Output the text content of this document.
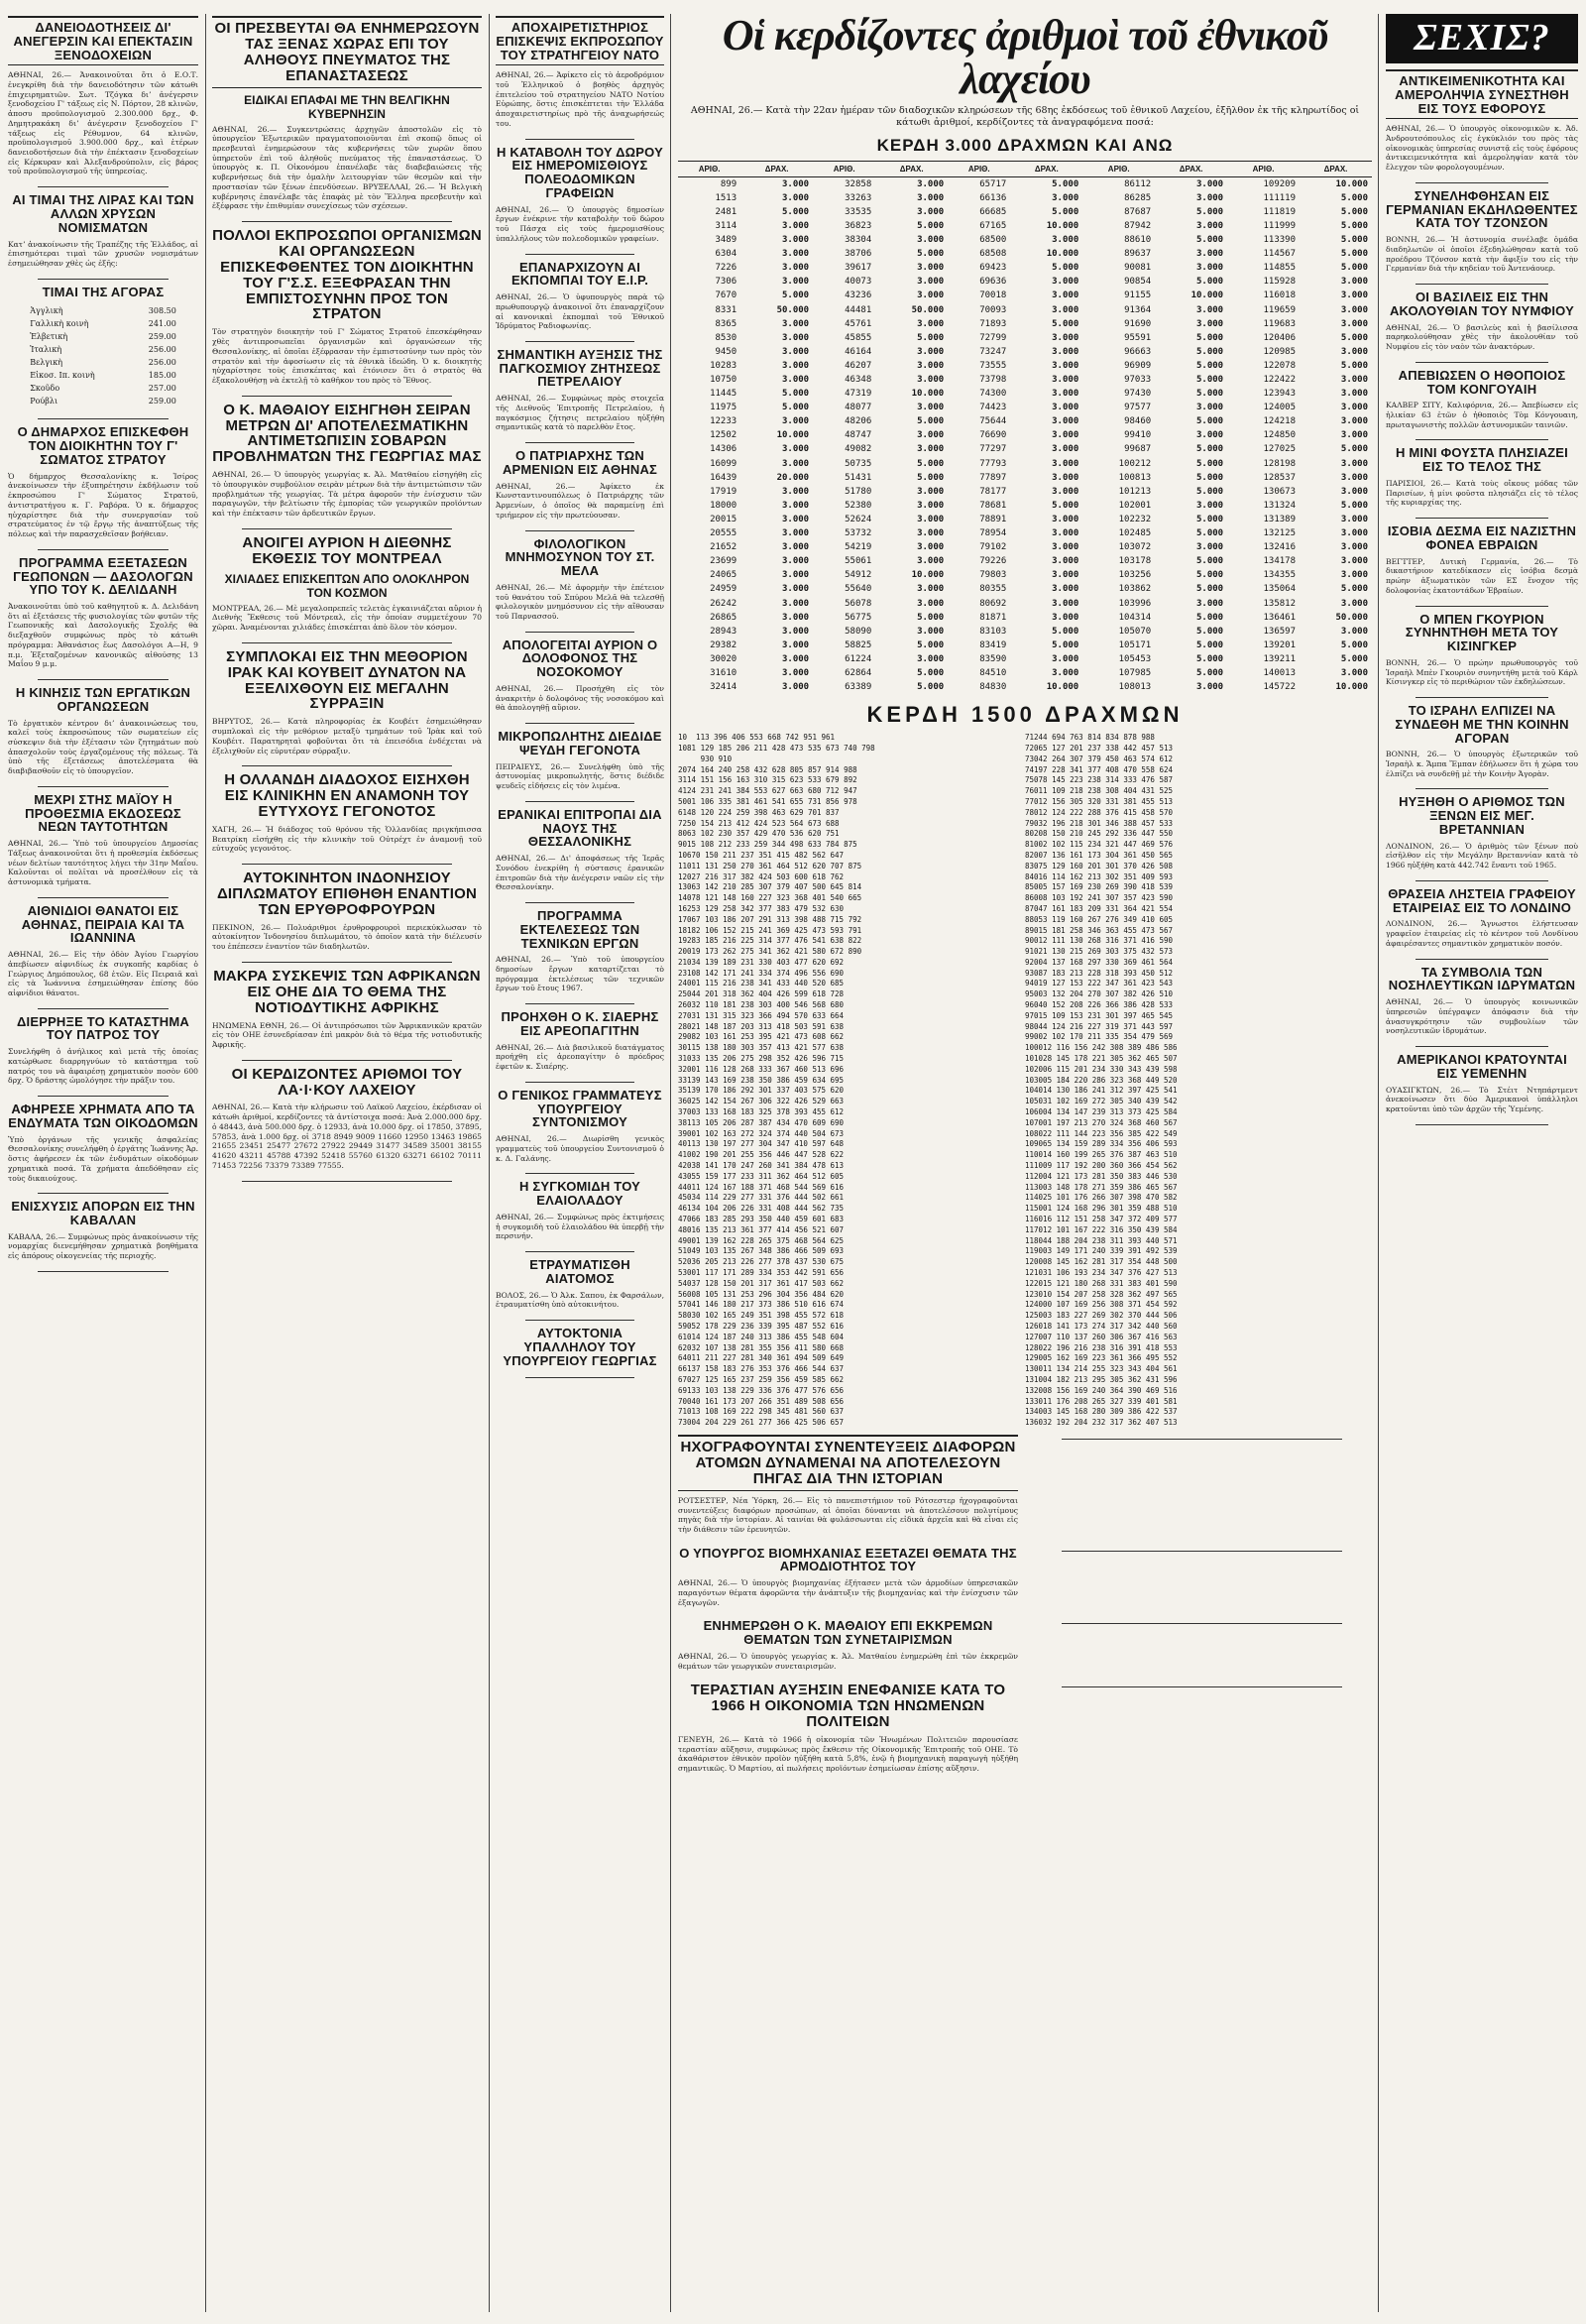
ΔΑΝΕΙΟΔΟΤΗΣΕΙΣ ΔΙ' ΑΝΕΓΕΡΣΙΝ ΚΑΙ ΕΠΕΚΤΑΣΙΝ ΞΕΝΟΔΟΧΕΙΩΝ

ΑΘΗΝΑΙ, 26.— Ἀνακοινοῦται ὅτι ὁ Ε.Ο.Τ. ἐνεγκρίθη διὰ τὴν δανειοδότησιν τῶν κάτωθι ἐπιχειρηματιῶν. Σωτ. Τζόγκα διʼ ἀνέγερσιν ξενοδοχείου Γ' τάξεως εἰς Ν. Πόρτον, 28 κλινῶν, ἀποσυ προϋπολογισμοῦ 2.300.000 δρχ., Φ. Δημητρακάκη διʼ ἀνέγερσιν ξενοδοχείου Γ' τάξεως εἰς Ρέθυμνον, 64 κλινῶν, προϋπολογισμοῦ 3.900.000 δρχ., καὶ ἑτέρων δανειοδοτήσεων διὰ τὴν ἐπέκτασιν ξενοδοχείων εἰς Κέρκυραν καὶ Ἀλεξανδρούπολιν, εἰς βάρος τοῦ προϋπολογισμοῦ τῆς ὑπηρεσίας.

ΑΙ ΤΙΜΑΙ ΤΗΣ ΛΙΡΑΣ ΚΑΙ ΤΩΝ ΑΛΛΩΝ ΧΡΥΣΩΝ ΝΟΜΙΣΜΑΤΩΝ

Κατʼ ἀνακοίνωσιν τῆς Τραπέζης τῆς Ἑλλάδος, αἱ ἐπισημότεραι τιμαὶ τῶν χρυσῶν νομισμάτων ἐσημειώθησαν χθὲς ὡς ἑξῆς:

ΤΙΜΑΙ ΤΗΣ ΑΓΟΡΑΣ
Ἀγγλικὴ	308.50
Γαλλικὴ κοινὴ	241.00
Ἑλβετικὴ	259.00
Ἰταλικὴ	256.00
Βελγικὴ	256.00
Εἰκοσ. Ιπ. κοινὴ	185.00
Σκοῦδο	257.00
Ρούβλι	259.00
Ο ΔΗΜΑΡΧΟΣ ΕΠΙΣΚΕΦΘΗ ΤΟΝ ΔΙΟΙΚΗΤΗΝ ΤΟΥ Γ' ΣΩΜΑΤΟΣ ΣΤΡΑΤΟΥ

Ὁ δήμαρχος Θεσσαλονίκης κ. Ἰσίρος ἀνεκοίνωσεν τὴν ἐξυπηρέτησιν ἐκδήλωσιν τοῦ ἐκπροσώπου Γ' Σώματος Στρατοῦ, ἀντιστρατήγου κ. Γ. Ραβόρα. Ὁ κ. δήμαρχος ηὐχαρίστησε διὰ τὴν συνεργασίαν τοῦ στρατεύματος ἐν τῷ ἔργῳ τῆς ἀναπτύξεως τῆς πόλεως καὶ τὴν παρασχεθεῖσαν βοήθειαν.

ΠΡΟΓΡΑΜΜΑ ΕΞΕΤΑΣΕΩΝ ΓΕΩΠΟΝΩΝ — ΔΑΣΟΛΟΓΩΝ ΥΠΟ ΤΟΥ Κ. ΔΕΛΙΔΑΝΗ

Ἀνακοινοῦται ὑπὸ τοῦ καθηγητοῦ κ. Δ. Δελιδάνη ὅτι αἱ ἐξετάσεις τῆς φυσιολογίας τῶν φυτῶν τῆς Γεωπονικῆς καὶ Δασολογικῆς Σχολῆς θὰ διεξαχθοῦν συμφώνως πρὸς τὸ κάτωθι πρόγραμμα: Ἀθανάσιος ἕως Δασολόγοι Α—Η, 9 π.μ. Ἐξεταζομένων κανονικῶς αἰθούσης 13 Μαΐου 9 μ.μ.

Η ΚΙΝΗΣΙΣ ΤΩΝ ΕΡΓΑΤΙΚΩΝ ΟΡΓΑΝΩΣΕΩΝ

Τὸ ἐργατικὸν κέντρον διʼ ἀνακοινώσεως του, καλεῖ τοὺς ἐκπροσώπους τῶν σωματείων εἰς σύσκεψιν διὰ τὴν ἐξέτασιν τῶν ζητημάτων ποὺ ἀπασχολοῦν τοὺς ἐργαζομένους τῆς πόλεως. Τὰ ὑπὸ τῆς ἐξετάσεως ἀποτελέσματα θὰ διαβιβασθοῦν εἰς τὸ ὑπουργεῖον.

ΜΕΧΡΙ ΣΤΗΣ ΜΑΪΟΥ Η ΠΡΟΘΕΣΜΙΑ ΕΚΔΟΣΕΩΣ ΝΕΩΝ ΤΑΥΤΟΤΗΤΩΝ

ΑΘΗΝΑΙ, 26.— Ὑπὸ τοῦ ὑπουργείου Δημοσίας Τάξεως ἀνακοινοῦται ὅτι ἡ προθεσμία ἐκδόσεως νέων δελτίων ταυτότητος λήγει τὴν 31ην Μαΐου. Καλοῦνται οἱ πολῖται νὰ προσέλθουν εἰς τὰ ἀστυνομικὰ τμήματα.

ΑΙΘΝΙΔΙΟΙ ΘΑΝΑΤΟΙ ΕΙΣ ΑΘΗΝΑΣ, ΠΕΙΡΑΙΑ ΚΑΙ ΤΑ ΙΩΑΝΝΙΝΑ

ΑΘΗΝΑΙ, 26.— Εἰς τὴν ὁδὸν Ἀγίου Γεωργίου ἀπεβίωσεν αἰφνιδίως ἐκ συγκοπῆς καρδίας ὁ Γεώργιος Δημόπουλος, 68 ἐτῶν. Εἰς Πειραιᾶ καὶ εἰς τὰ Ἰωάννινα ἐσημειώθησαν ἐπίσης δύο αἰφνίδιοι θάνατοι.

ΔΙΕΡΡΗΞΕ ΤΟ ΚΑΤΑΣΤΗΜΑ ΤΟΥ ΠΑΤΡΟΣ ΤΟΥ

Συνελήφθη ὁ ἀνήλικος καὶ μετὰ τῆς ὁποίας κατώρθωσε διαρρηγνύων τὸ κατάστημα τοῦ πατρός του νὰ ἀφαιρέσῃ χρηματικὸν ποσὸν 600 δρχ. Ὁ δράστης ὡμολόγησε τὴν πρᾶξιν του.

ΑΦΗΡΕΣΕ ΧΡΗΜΑΤΑ ΑΠΟ ΤΑ ΕΝΔΥΜΑΤΑ ΤΩΝ ΟΙΚΟΔΟΜΩΝ

Ὑπὸ ὀργάνων τῆς γενικῆς ἀσφαλείας Θεσσαλονίκης συνελήφθη ὁ ἐργάτης Ἰωάννης Ἀρ. ὅστις ἀφήρεσεν ἐκ τῶν ἐνδυμάτων οἰκοδόμων χρηματικὰ ποσά. Τὰ χρήματα ἀπεδόθησαν εἰς τοὺς δικαιούχους.

ΕΝΙΣΧΥΣΙΣ ΑΠΟΡΩΝ ΕΙΣ ΤΗΝ ΚΑΒΑΛΑΝ

ΚΑΒΑΛΑ, 26.— Συμφώνως πρὸς ἀνακοίνωσιν τῆς νομαρχίας διενεμήθησαν χρηματικὰ βοηθήματα εἰς ἀπόρους οἰκογενείας τῆς περιοχῆς.

ΟΙ ΠΡΕΣΒΕΥΤΑΙ ΘΑ ΕΝΗΜΕΡΩΣΟΥΝ ΤΑΣ ΞΕΝΑΣ ΧΩΡΑΣ ΕΠΙ ΤΟΥ ΑΛΗΘΟΥΣ ΠΝΕΥΜΑΤΟΣ ΤΗΣ ΕΠΑΝΑΣΤΑΣΕΩΣ
ΕΙΔΙΚΑΙ ΕΠΑΦΑΙ ΜΕ ΤΗΝ ΒΕΛΓΙΚΗΝ ΚΥΒΕΡΝΗΣΙΝ

ΑΘΗΝΑΙ, 26.— Συγκεντρώσεις ἀρχηγῶν ἀποστολῶν εἰς τὸ ὑπουργεῖον Ἐξωτερικῶν πραγματοποιοῦνται ἐπὶ σκοπῷ ὅπως οἱ πρεσβευταὶ ἐνημερώσουν τὰς κυβερνήσεις τῶν χωρῶν ὅπου ὑπηρετοῦν ἐπὶ τοῦ ἀληθοῦς πνεύματος τῆς ἐπαναστάσεως. Ὁ ὑπουργὸς κ. Π. Οἰκονόμου ἐπανέλαβε τὰς διαβεβαιώσεις τῆς κυβερνήσεως διὰ τὴν ὁμαλὴν λειτουργίαν τῶν θεσμῶν καὶ τὴν προστασίαν τῶν ξένων ἐπενδύσεων. ΒΡΥΞΕΛΛΑΙ, 26.— Ἡ Βελγικὴ κυβέρνησις ἐπανέλαβε τὰς ἐπαφὰς μὲ τὸν Ἕλληνα πρεσβευτὴν καὶ ἐξέφρασε τὴν ἐπιθυμίαν συνεχίσεως τῶν σχέσεων.

ΠΟΛΛΟΙ ΕΚΠΡΟΣΩΠΟΙ ΟΡΓΑΝΙΣΜΩΝ ΚΑΙ ΟΡΓΑΝΩΣΕΩΝ ΕΠΙΣΚΕΦΘΕΝΤΕΣ ΤΟΝ ΔΙΟΙΚΗΤΗΝ ΤΟΥ Γ'Σ.Σ. ΕΞΕΦΡΑΣΑΝ ΤΗΝ ΕΜΠΙΣΤΟΣΥΝΗΝ ΠΡΟΣ ΤΟΝ ΣΤΡΑΤΟΝ

Τὸν στρατηγὸν διοικητὴν τοῦ Γ' Σώματος Στρατοῦ ἐπεσκέφθησαν χθὲς ἀντιπροσωπεῖαι ὀργανισμῶν καὶ ὀργανώσεων τῆς Θεσσαλονίκης, αἱ ὁποῖαι ἐξέφρασαν τὴν ἐμπιστοσύνην των πρὸς τὸν στρατὸν καὶ τὴν ἀφοσίωσιν εἰς τὰ ἐθνικὰ ἰδεώδη. Ὁ κ. διοικητὴς ηὐχαρίστησε τοὺς ἐπισκέπτας καὶ ἐτόνισεν ὅτι ὁ στρατὸς θὰ ἐξακολουθήσῃ νὰ ἐκτελῇ τὸ καθῆκον του πρὸς τὸ Ἔθνος.

Ο Κ. ΜΑΘΑΙΟΥ ΕΙΣΗΓΗΘΗ ΣΕΙΡΑΝ ΜΕΤΡΩΝ ΔΙ' ΑΠΟΤΕΛΕΣΜΑΤΙΚΗΝ ΑΝΤΙΜΕΤΩΠΙΣΙΝ ΣΟΒΑΡΩΝ ΠΡΟΒΛΗΜΑΤΩΝ ΤΗΣ ΓΕΩΡΓΙΑΣ ΜΑΣ

ΑΘΗΝΑΙ, 26.— Ὁ ὑπουργὸς γεωργίας κ. Ἀλ. Ματθαίου εἰσηγήθη εἰς τὸ ὑπουργικὸν συμβούλιον σειρὰν μέτρων διὰ τὴν ἀντιμετώπισιν τῶν προβλημάτων τῆς γεωργίας. Τὰ μέτρα ἀφοροῦν τὴν ἐνίσχυσιν τῶν παραγωγῶν, τὴν βελτίωσιν τῆς ἐμπορίας τῶν γεωργικῶν προϊόντων καὶ τὴν ἐπέκτασιν τῶν ἀρδευτικῶν ἔργων.

ΑΝΟΙΓΕΙ ΑΥΡΙΟΝ Η ΔΙΕΘΝΗΣ ΕΚΘΕΣΙΣ ΤΟΥ ΜΟΝΤΡΕΑΛ
ΧΙΛΙΑΔΕΣ ΕΠΙΣΚΕΠΤΩΝ ΑΠΟ ΟΛΟΚΛΗΡΟΝ ΤΟΝ ΚΟΣΜΟΝ

ΜΟΝΤΡΕΑΛ, 26.— Μὲ μεγαλοπρεπεῖς τελετὰς ἐγκαινιάζεται αὔριον ἡ Διεθνὴς Ἔκθεσις τοῦ Μόντρεαλ, εἰς τὴν ὁποίαν συμμετέχουν 70 χῶραι. Ἀναμένονται χιλιάδες ἐπισκέπται ἀπὸ ὅλον τὸν κόσμον.

ΣΥΜΠΛΟΚΑΙ ΕΙΣ ΤΗΝ ΜΕΘΟΡΙΟΝ ΙΡΑΚ ΚΑΙ ΚΟΥΒΕΙΤ ΔΥΝΑΤΟΝ ΝΑ ΕΞΕΛΙΧΘΟΥΝ ΕΙΣ ΜΕΓΑΛΗΝ ΣΥΡΡΑΞΙΝ

ΒΗΡΥΤΟΣ, 26.— Κατὰ πληροφορίας ἐκ Κουβέιτ ἐσημειώθησαν συμπλοκαὶ εἰς τὴν μεθόριον μεταξὺ τμημάτων τοῦ Ἰρὰκ καὶ τοῦ Κουβέιτ. Παρατηρηταὶ φοβοῦνται ὅτι τὰ ἐπεισόδια ἐνδέχεται νὰ ἐξελιχθοῦν εἰς εὐρυτέραν σύρραξιν.

Η ΟΛΛΑΝΔΗ ΔΙΑΔΟΧΟΣ ΕΙΣΗΧΘΗ ΕΙΣ ΚΛΙΝΙΚΗΝ ΕΝ ΑΝΑΜΟΝΗ ΤΟΥ ΕΥΤΥΧΟΥΣ ΓΕΓΟΝΟΤΟΣ

ΧΑΓΗ, 26.— Ἡ διάδοχος τοῦ θρόνου τῆς Ὁλλανδίας πριγκήπισσα Βεατρίκη εἰσήχθη εἰς τὴν κλινικὴν τοῦ Οὐτρέχτ ἐν ἀναμονῇ τοῦ εὐτυχοῦς γεγονότος.

ΑΥΤΟΚΙΝΗΤΟΝ ΙΝΔΟΝΗΣΙΟΥ ΔΙΠΛΩΜΑΤΟΥ ΕΠΙΘΗΘΗ ΕΝΑΝΤΙΟΝ ΤΩΝ ΕΡΥΘΡΟΦΡΟΥΡΩΝ

ΠΕΚΙΝΟΝ, 26.— Πολυάριθμοι ἐρυθροφρουροὶ περιεκύκλωσαν τὸ αὐτοκίνητον Ἰνδονησίου διπλωμάτου, τὸ ὁποῖον κατὰ τὴν διέλευσίν του ἐπέπεσεν ἐναντίον τῶν διαδηλωτῶν.

ΜΑΚΡΑ ΣΥΣΚΕΨΙΣ ΤΩΝ ΑΦΡΙΚΑΝΩΝ ΕΙΣ ΟΗΕ ΔΙΑ ΤΟ ΘΕΜΑ ΤΗΣ ΝΟΤΙΟΔΥΤΙΚΗΣ ΑΦΡΙΚΗΣ

ΗΝΩΜΕΝΑ ΕΘΝΗ, 26.— Οἱ ἀντιπρόσωποι τῶν Ἀφρικανικῶν κρατῶν εἰς τὸν ΟΗΕ ἐσυνεδρίασαν ἐπὶ μακρὸν διὰ τὸ θέμα τῆς νοτιοδυτικῆς Ἀφρικῆς.

ΟΙ ΚΕΡΔΙΖΟΝΤΕΣ ΑΡΙΘΜΟΙ ΤΟΥ ΛΑ·Ι·ΚΟΥ ΛΑΧΕΙΟΥ

ΑΘΗΝΑΙ, 26.— Κατὰ τὴν κλήρωσιν τοῦ Λαϊκοῦ Λαχείου, ἐκέρδισαν οἱ κάτωθι ἀριθμοί, κερδίζοντες τὰ ἀντίστοιχα ποσά: Ἀνὰ 2.000.000 δρχ. ὁ 48443, ἀνὰ 500.000 δρχ. ὁ 12933, ἀνὰ 10.000 δρχ. οἱ 17850, 37895, 57853, ἀνὰ 1.000 δρχ. οἱ 3718 8949 9009 11660 12950 13463 19865 21655 23451 25477 27672 27922 29449 31477 34589 35001 38155 41620 43211 45788 47392 52418 55760 61320 63271 66102 70111 71453 72256 73379 73389 77555.

ΑΠΟΧΑΙΡΕΤΙΣΤΗΡΙΟΣ ΕΠΙΣΚΕΨΙΣ ΕΚΠΡΟΣΩΠΟΥ ΤΟΥ ΣΤΡΑΤΗΓΕΙΟΥ ΝΑΤΟ

ΑΘΗΝΑΙ, 26.— Ἀφίκετο εἰς τὸ ἀεροδρόμιον τοῦ Ἑλληνικοῦ ὁ βοηθὸς ἀρχηγὸς ἐπιτελείου τοῦ στρατηγείου ΝΑΤΟ Νοτίου Εὐρώπης, ὅστις ἐπισκέπτεται τὴν Ἑλλάδα ἀποχαιρετιστηρίως πρὸ τῆς ἀναχωρήσεώς του.

Η ΚΑΤΑΒΟΛΗ ΤΟΥ ΔΩΡΟΥ ΕΙΣ ΗΜΕΡΟΜΙΣΘΙΟΥΣ ΠΟΛΕΟΔΟΜΙΚΩΝ ΓΡΑΦΕΙΩΝ

ΑΘΗΝΑΙ, 26.— Ὁ ὑπουργὸς δημοσίων ἔργων ἐνέκρινε τὴν καταβολὴν τοῦ δώρου τοῦ Πάσχα εἰς τοὺς ἡμερομισθίους ὑπαλλήλους τῶν πολεοδομικῶν γραφείων.

ΕΠΑΝΑΡΧΙΖΟΥΝ ΑΙ ΕΚΠΟΜΠΑΙ ΤΟΥ Ε.Ι.Ρ.

ΑΘΗΝΑΙ, 26.— Ὁ ὑφυπουργὸς παρὰ τῷ πρωθυπουργῷ ἀνακοινοῖ ὅτι ἐπαναρχίζουν αἱ κανονικαὶ ἐκπομπαὶ τοῦ Ἐθνικοῦ Ἱδρύματος Ραδιοφωνίας.

ΣΗΜΑΝΤΙΚΗ ΑΥΞΗΣΙΣ ΤΗΣ ΠΑΓΚΟΣΜΙΟΥ ΖΗΤΗΣΕΩΣ ΠΕΤΡΕΛΑΙΟΥ

ΑΘΗΝΑΙ, 26.— Συμφώνως πρὸς στοιχεῖα τῆς Διεθνοῦς Ἐπιτροπῆς Πετρελαίου, ἡ παγκόσμιος ζήτησις πετρελαίου ηὐξήθη σημαντικῶς κατὰ τὸ παρελθὸν ἔτος.

Ο ΠΑΤΡΙΑΡΧΗΣ ΤΩΝ ΑΡΜΕΝΙΩΝ ΕΙΣ ΑΘΗΝΑΣ

ΑΘΗΝΑΙ, 26.— Ἀφίκετο ἐκ Κωνσταντινουπόλεως ὁ Πατριάρχης τῶν Ἀρμενίων, ὁ ὁποῖος θὰ παραμείνῃ ἐπὶ τριήμερον εἰς τὴν πρωτεύουσαν.

ΦΙΛΟΛΟΓΙΚΟΝ ΜΝΗΜΟΣΥΝΟΝ ΤΟΥ ΣΤ. ΜΕΛΑ

ΑΘΗΝΑΙ, 26.— Μὲ ἀφορμὴν τὴν ἐπέτειον τοῦ θανάτου τοῦ Σπύρου Μελᾶ θὰ τελεσθῇ φιλολογικὸν μνημόσυνον εἰς τὴν αἴθουσαν τοῦ Παρνασσοῦ.

ΑΠΟΛΟΓΕΙΤΑΙ ΑΥΡΙΟΝ Ο ΔΟΛΟΦΟΝΟΣ ΤΗΣ ΝΟΣΟΚΟΜΟΥ

ΑΘΗΝΑΙ, 26.— Προσήχθη εἰς τὸν ἀνακριτὴν ὁ δολοφόνος τῆς νοσοκόμου καὶ θὰ ἀπολογηθῇ αὔριον.

ΜΙΚΡΟΠΩΛΗΤΗΣ ΔΙΕΔΙΔΕ ΨΕΥΔΗ ΓΕΓΟΝΟΤΑ

ΠΕΙΡΑΙΕΥΣ, 26.— Συνελήφθη ὑπὸ τῆς ἀστυνομίας μικροπωλητής, ὅστις διέδιδε ψευδεῖς εἰδήσεις εἰς τὸν λιμένα.

ΕΡΑΝΙΚΑΙ ΕΠΙΤΡΟΠΑΙ ΔΙΑ ΝΑΟΥΣ ΤΗΣ ΘΕΣΣΑΛΟΝΙΚΗΣ

ΑΘΗΝΑΙ, 26.— Δι' ἀποφάσεως τῆς Ἱερᾶς Συνόδου ἐνεκρίθη ἡ σύστασις ἐρανικῶν ἐπιτροπῶν διὰ τὴν ἀνέγερσιν ναῶν εἰς τὴν Θεσσαλονίκην.

ΠΡΟΓΡΑΜΜΑ ΕΚΤΕΛΕΣΕΩΣ ΤΩΝ ΤΕΧΝΙΚΩΝ ΕΡΓΩΝ

ΑΘΗΝΑΙ, 26.— Ὑπὸ τοῦ ὑπουργείου δημοσίων ἔργων καταρτίζεται τὸ πρόγραμμα ἐκτελέσεως τῶν τεχνικῶν ἔργων τοῦ ἔτους 1967.

ΠΡΟΗΧΘΗ Ο Κ. ΣΙΑΕΡΗΣ ΕΙΣ ΑΡΕΟΠΑΓΙΤΗΝ

ΑΘΗΝΑΙ, 26.— Διὰ βασιλικοῦ διατάγματος προήχθη εἰς ἀρεοπαγίτην ὁ πρόεδρος ἐφετῶν κ. Σιαέρης.

Ο ΓΕΝΙΚΟΣ ΓΡΑΜΜΑΤΕΥΣ ΥΠΟΥΡΓΕΙΟΥ ΣΥΝΤΟΝΙΣΜΟΥ

ΑΘΗΝΑΙ, 26.— Διωρίσθη γενικὸς γραμματεὺς τοῦ ὑπουργείου Συντονισμοῦ ὁ κ. Δ. Γαλάνης.

Η ΣΥΓΚΟΜΙΔΗ ΤΟΥ ΕΛΑΙΟΛΑΔΟΥ

ΑΘΗΝΑΙ, 26.— Συμφώνως πρὸς ἐκτιμήσεις ἡ συγκομιδὴ τοῦ ἐλαιολάδου θὰ ὑπερβῇ τὴν περσινήν.

ΕΤΡΑΥΜΑΤΙΣΘΗ ΑΙΑΤΟΜΟΣ

ΒΟΛΟΣ, 26.— Ὁ Ἀλκ. Σαπου, ἐκ Φαρσάλων, ἐτραυματίσθη ὑπὸ αὐτοκινήτου.

ΑΥΤΟΚΤΟΝΙΑ ΥΠΑΛΛΗΛΟΥ ΤΟΥ ΥΠΟΥΡΓΕΙΟΥ ΓΕΩΡΓΙΑΣ
Οἱ κερδίζοντες ἀριθμοὶ τοῦ ἐθνικοῦ λαχείου

ΑΘΗΝΑΙ, 26.— Κατὰ τὴν 22αν ἡμέραν τῶν διαδοχικῶν κληρώσεων τῆς 68ης ἐκδόσεως τοῦ ἐθνικοῦ Λαχείου, ἐξῆλθον ἐκ τῆς κληρωτίδος οἱ κάτωθι ἀριθμοί, κερδίζοντες τὰ ἀναγραφόμενα ποσά:

ΚΕΡΔΗ 3.000 ΔΡΑΧΜΩΝ ΚΑΙ ΑΝΩ
ΑΡΙΘ.	ΔΡΑΧ.	ΑΡΙΘ.	ΔΡΑΧ.	ΑΡΙΘ.	ΔΡΑΧ.	ΑΡΙΘ.	ΔΡΑΧ.	ΑΡΙΘ.	ΔΡΑΧ.
899	3.000	32858	3.000	65717	5.000	86112	3.000	109209	10.000
1513	3.000	33263	3.000	66136	3.000	86285	3.000	111119	5.000
2481	5.000	33535	3.000	66685	5.000	87687	5.000	111819	5.000
3114	3.000	36823	5.000	67165	10.000	87942	3.000	111999	5.000
3489	3.000	38304	3.000	68500	3.000	88610	5.000	113390	5.000
6304	3.000	38706	5.000	68508	10.000	89637	3.000	114567	5.000
7226	3.000	39617	3.000	69423	5.000	90081	3.000	114855	5.000
7306	3.000	40073	3.000	69636	3.000	90854	5.000	115928	3.000
7670	5.000	43236	3.000	70018	3.000	91155	10.000	116018	3.000
8331	50.000	44481	50.000	70093	3.000	91364	3.000	119659	3.000
8365	3.000	45761	3.000	71893	5.000	91690	3.000	119683	3.000
8530	3.000	45855	5.000	72799	3.000	95591	5.000	120406	5.000
9450	3.000	46164	3.000	73247	3.000	96663	5.000	120985	3.000
10283	3.000	46207	3.000	73555	3.000	96909	5.000	122078	5.000
10750	3.000	46348	3.000	73798	3.000	97033	5.000	122422	3.000
11445	5.000	47319	10.000	74300	3.000	97430	5.000	123943	3.000
11975	5.000	48077	3.000	74423	3.000	97577	3.000	124005	3.000
12233	3.000	48206	5.000	75644	3.000	98460	5.000	124218	3.000
12502	10.000	48747	3.000	76690	3.000	99410	3.000	124850	3.000
14306	3.000	49082	3.000	77297	3.000	99687	5.000	127025	5.000
16099	3.000	50735	5.000	77793	3.000	100212	5.000	128198	3.000
16439	20.000	51431	5.000	77897	3.000	100813	5.000	128537	3.000
17919	3.000	51780	3.000	78177	3.000	101213	5.000	130673	3.000
18000	3.000	52380	3.000	78681	5.000	102001	3.000	131324	5.000
20015	3.000	52624	3.000	78891	3.000	102232	5.000	131389	3.000
20555	3.000	53732	3.000	78954	3.000	102485	5.000	132125	3.000
21652	3.000	54219	3.000	79102	3.000	103072	3.000	132416	3.000
23699	3.000	55061	3.000	79226	3.000	103178	5.000	134178	3.000
24065	3.000	54912	10.000	79803	3.000	103256	5.000	134355	3.000
24959	3.000	55640	3.000	80355	3.000	103862	5.000	135064	5.000
26242	3.000	56078	3.000	80692	3.000	103996	3.000	135812	3.000
26865	3.000	56775	5.000	81871	3.000	104314	5.000	136461	50.000
28943	3.000	58090	3.000	83103	5.000	105070	5.000	136597	3.000
29382	3.000	58825	5.000	83419	5.000	105171	5.000	139201	5.000
30020	3.000	61224	3.000	83590	3.000	105453	5.000	139211	5.000
31610	3.000	62864	5.000	84510	3.000	107985	5.000	140013	3.000
32414	3.000	63389	5.000	84830	10.000	108013	3.000	145722	10.000
ΚΕΡΔΗ 1500 ΔΡΑΧΜΩΝ
10  113 396 406 553 668 742 951 961
1081 129 185 206 211 428 473 535 673 740 798
930 910
2074 164 240 258 432 628 805 857 914 988
3114 151 156 163 310 315 623 533 679 892
4124 231 241 384 553 627 663 680 712 947
5001 106 335 381 461 541 655 731 856 978
6148 120 224 259 398 463 629 701 837
7250 154 213 412 424 523 564 673 688
8063 102 230 357 429 470 536 620 751
9015 108 212 233 259 344 498 633 784 875
10670 150 211 237 351 415 482 562 647
11011 131 250 270 361 464 512 620 707 875
12027 216 317 382 424 503 600 618 762
13063 142 210 285 307 379 407 500 645 814
14078 121 148 160 227 323 368 401 540 665
16253 129 258 342 377 383 479 532 630
17067 103 186 207 291 313 398 488 715 792
18182 106 152 215 241 369 425 473 593 791
19283 185 216 225 314 377 476 541 638 822
20019 173 262 275 341 362 421 580 672 890
21034 139 189 231 330 403 477 620 692
23108 142 171 241 334 374 496 556 690
24001 115 216 238 341 433 440 520 685
25044 201 318 362 404 426 599 618 728
26032 110 181 238 303 400 546 568 680
27031 131 315 323 366 494 570 633 664
28021 148 187 203 313 418 503 591 638
29082 103 161 253 395 421 473 608 662
30115 138 180 303 357 413 421 577 638
31033 135 206 275 298 352 426 596 715
32001 116 128 268 333 367 460 513 696
33139 143 169 238 350 386 459 634 695
35139 170 186 292 301 337 403 575 620
36025 142 154 267 306 322 426 529 663
37003 133 168 183 325 378 393 455 612
38113 105 206 287 387 434 470 609 690
39001 102 163 272 324 374 440 504 673
40113 130 197 277 304 347 410 597 648
41002 190 201 255 356 446 447 528 622
42038 141 170 247 260 341 384 478 613
43055 159 177 233 311 362 464 512 605
44011 124 167 188 371 468 544 569 616
45034 114 229 277 331 376 444 502 661
46134 104 206 226 331 408 444 562 735
47066 183 285 293 350 440 459 601 683
48016 135 213 361 377 414 456 521 607
49001 139 162 228 265 375 468 564 625
51049 103 135 267 348 386 466 509 693
52036 205 213 226 277 378 437 530 675
53001 117 171 289 334 353 442 591 656
54037 128 150 201 317 361 417 503 662
56008 105 131 253 296 304 356 484 620
57041 146 180 217 373 386 510 616 674
58030 102 165 249 351 398 455 572 618
59052 178 229 236 339 395 487 552 616
61014 124 187 240 313 386 455 548 604
62032 107 138 281 355 356 411 580 668
64011 211 227 281 340 361 494 509 649
66137 158 183 276 353 376 466 544 637
67027 125 165 237 259 356 459 585 662
69133 103 138 229 336 376 477 576 656
70040 161 173 207 266 351 489 508 656
71013 108 169 222 298 345 481 560 637
73004 204 229 261 277 366 425 506 657
71244 694 763 814 834 878 988
72065 127 201 237 338 442 457 513
73042 264 307 379 450 463 574 612
74197 228 341 377 408 470 558 624
75078 145 223 238 314 333 476 587
76011 109 218 238 308 404 431 525
77012 156 305 320 331 381 455 513
78012 124 222 288 376 415 458 570
79032 196 218 301 346 388 457 533
80208 150 210 245 292 336 447 550
81002 102 115 234 321 447 469 576
82007 136 161 173 304 361 450 565
83075 129 160 201 301 370 426 508
84016 114 162 213 302 351 409 593
85005 157 169 230 269 390 418 539
86008 103 192 241 307 357 423 590
87047 161 183 209 331 364 421 554
88053 119 160 267 276 349 410 605
89015 181 258 346 363 455 473 567
90012 111 130 268 316 371 416 590
91021 130 215 269 303 375 432 573
92004 137 168 297 330 369 461 564
93087 183 213 228 318 393 450 512
94019 127 153 222 347 361 423 543
95003 132 204 270 307 382 426 510
96040 152 208 226 366 386 428 533
97015 109 153 231 301 397 465 545
98044 124 216 227 319 371 443 597
99002 102 170 211 335 354 479 569
100012 116 156 242 308 389 486 586
101028 145 178 221 305 362 465 507
102006 115 201 234 330 343 439 598
103005 184 220 286 323 368 449 520
104014 130 186 241 312 397 425 541
105031 102 169 272 305 340 439 542
106004 134 147 239 313 373 425 584
107001 197 213 270 324 368 460 567
108022 111 144 223 356 385 422 549
109065 134 159 289 334 356 406 593
110014 160 199 265 376 387 463 510
111009 117 192 200 360 366 454 562
112004 121 173 281 350 383 446 530
113003 148 178 271 359 386 465 567
114025 101 176 266 307 398 470 582
115001 124 168 296 301 359 488 510
116016 112 151 258 347 372 409 577
117012 101 167 222 316 350 439 584
118044 188 204 238 311 393 440 571
119003 149 171 240 339 391 492 539
120008 145 162 281 317 354 448 500
121031 106 193 234 347 376 427 513
122015 121 180 268 331 383 401 590
123010 154 207 258 328 362 497 565
124000 107 169 256 308 371 454 592
125003 183 227 269 302 370 444 506
126018 141 173 274 317 342 440 560
127007 110 137 260 306 367 416 563
128022 196 216 238 316 391 418 553
129005 162 169 223 361 366 495 552
130011 134 214 255 323 343 404 561
131004 182 213 295 305 362 431 596
132008 156 169 240 364 390 469 516
133011 176 208 265 327 339 401 581
134003 145 168 280 309 386 422 537
136032 192 204 232 317 362 407 513
ΗΧΟΓΡΑΦΟΥΝΤΑΙ ΣΥΝΕΝΤΕΥΞΕΙΣ ΔΙΑΦΟΡΩΝ ΑΤΟΜΩΝ ΔΥΝΑΜΕΝΑΙ ΝΑ ΑΠΟΤΕΛΕΣΟΥΝ ΠΗΓΑΣ ΔΙΑ ΤΗΝ ΙΣΤΟΡΙΑΝ

ΡΟΤΣΕΣΤΕΡ, Νέα Ὑόρκη, 26.— Εἰς τὸ πανεπιστήμιον τοῦ Ρότσεστερ ἠχογραφοῦνται συνεντεύξεις διαφόρων προσώπων, αἱ ὁποῖαι δύνανται νὰ ἀποτελέσουν πολυτίμους πηγὰς διὰ τὴν ἱστορίαν. Αἱ ταινίαι θὰ φυλάσσωνται εἰς εἰδικὰ ἀρχεῖα καὶ θὰ εἶναι εἰς τὴν διάθεσιν τῶν ἐρευνητῶν.

Ο ΥΠΟΥΡΓΟΣ ΒΙΟΜΗΧΑΝΙΑΣ ΕΞΕΤΑΖΕΙ ΘΕΜΑΤΑ ΤΗΣ ΑΡΜΟΔΙΟΤΗΤΟΣ ΤΟΥ

ΑΘΗΝΑΙ, 26.— Ὁ ὑπουργὸς βιομηχανίας ἐξήτασεν μετὰ τῶν ἁρμοδίων ὑπηρεσιακῶν παραγόντων θέματα ἀφορῶντα τὴν ἀνάπτυξιν τῆς βιομηχανίας καὶ τὴν ἐνίσχυσιν τῶν ἐξαγωγῶν.

ΕΝΗΜΕΡΩΘΗ Ο Κ. ΜΑΘΑΙΟΥ ΕΠΙ ΕΚΚΡΕΜΩΝ ΘΕΜΑΤΩΝ ΤΩΝ ΣΥΝΕΤΑΙΡΙΣΜΩΝ

ΑΘΗΝΑΙ, 26.— Ὁ ὑπουργὸς γεωργίας κ. Ἀλ. Ματθαίου ἐνημερώθη ἐπὶ τῶν ἐκκρεμῶν θεμάτων τῶν γεωργικῶν συνεταιρισμῶν.

ΤΕΡΑΣΤΙΑΝ ΑΥΞΗΣΙΝ ΕΝΕΦΑΝΙΣΕ ΚΑΤΑ ΤΟ 1966 Η ΟΙΚΟΝΟΜΙΑ ΤΩΝ ΗΝΩΜΕΝΩΝ ΠΟΛΙΤΕΙΩΝ

ΓΕΝΕΥΗ, 26.— Κατὰ τὸ 1966 ἡ οἰκονομία τῶν Ἡνωμένων Πολιτειῶν παρουσίασε τεραστίαν αὔξησιν, συμφώνως πρὸς ἔκθεσιν τῆς Οἰκονομικῆς Ἐπιτροπῆς τοῦ ΟΗΕ. Τὸ ἀκαθάριστον ἐθνικὸν προϊὸν ηὐξήθη κατὰ 5,8%, ἐνῷ ἡ βιομηχανικὴ παραγωγὴ ηὐξήθη σημαντικῶς. Ὁ Μαρτίου, αἱ πωλήσεις προϊόντων ἐσημείωσαν ἐπίσης αὔξησιν.

ΣΕΧΙΣ?
ΑΝΤΙΚΕΙΜΕΝΙΚΟΤΗΤΑ ΚΑΙ ΑΜΕΡΟΛΗΨΙΑ ΣΥΝΕΣΤΗΘΗ ΕΙΣ ΤΟΥΣ ΕΦΟΡΟΥΣ

ΑΘΗΝΑΙ, 26.— Ὁ ὑπουργὸς οἰκονομικῶν κ. Ἀδ. Ἀνδρουτσόπουλος εἰς ἐγκύκλιόν του πρὸς τὰς οἰκονομικὰς ὑπηρεσίας συνιστᾷ εἰς τοὺς ἐφόρους ἀντικειμενικότητα καὶ ἀμεροληψίαν κατὰ τὸν ἔλεγχον τῶν φορολογουμένων.

ΣΥΝΕΛΗΦΘΗΣΑΝ ΕΙΣ ΓΕΡΜΑΝΙΑΝ ΕΚΔΗΛΩΘΕΝΤΕΣ ΚΑΤΑ ΤΟΥ ΤΖΟΝΣΟΝ

ΒΟΝΝΗ, 26.— Ἡ ἀστυνομία συνέλαβε ὁμάδα διαδηλωτῶν οἱ ὁποῖοι ἐξεδηλώθησαν κατὰ τοῦ προέδρου Τζόνσον κατὰ τὴν ἄφιξίν του εἰς τὴν Γερμανίαν διὰ τὴν κηδείαν τοῦ Ἀντενάουερ.

ΟΙ ΒΑΣΙΛΕΙΣ ΕΙΣ ΤΗΝ ΑΚΟΛΟΥΘΙΑΝ ΤΟΥ ΝΥΜΦΙΟΥ

ΑΘΗΝΑΙ, 26.— Ὁ βασιλεὺς καὶ ἡ βασίλισσα παρηκολούθησαν χθὲς τὴν ἀκολουθίαν τοῦ Νυμφίου εἰς τὸν ναὸν τῶν ἀνακτόρων.

ΑΠΕΒΙΩΣΕΝ Ο ΗΘΟΠΟΙΟΣ ΤΟΜ ΚΟΝΓΟΥΑΙΗ

ΚΑΛΒΕΡ ΣΙΤΥ, Καλιφόρνια, 26.— Ἀπεβίωσεν εἰς ἡλικίαν 63 ἐτῶν ὁ ἠθοποιὸς Τὸμ Κόνγουαιη, πρωταγωνιστὴς πολλῶν ἀστυνομικῶν ταινιῶν.

Η ΜΙΝΙ ΦΟΥΣΤΑ ΠΛΗΣΙΑΖΕΙ ΕΙΣ ΤΟ ΤΕΛΟΣ ΤΗΣ

ΠΑΡΙΣΙΟΙ, 26.— Κατὰ τοὺς οἴκους μόδας τῶν Παρισίων, ἡ μίνι φοῦστα πλησιάζει εἰς τὸ τέλος τῆς κυριαρχίας της.

ΙΣΟΒΙΑ ΔΕΣΜΑ ΕΙΣ ΝΑΖΙΣΤΗΝ ΦΟΝΕΑ ΕΒΡΑΙΩΝ

ΒΕΓΤΤΕΡ, Δυτικὴ Γερμανία, 26.— Τὸ δικαστήριον κατεδίκασεν εἰς ἰσόβια δεσμὰ πρώην ἀξιωματικὸν τῶν ΕΣ ἕνοχον τῆς δολοφονίας ἑκατοντάδων Ἑβραίων.

Ο ΜΠΕΝ ΓΚΟΥΡΙΟΝ ΣΥΝΗΝΤΗΘΗ ΜΕΤΑ ΤΟΥ ΚΙΣΙΝΓΚΕΡ

ΒΟΝΝΗ, 26.— Ὁ πρώην πρωθυπουργὸς τοῦ Ἰσραὴλ Μπὲν Γκουριὸν συνηντήθη μετὰ τοῦ Κάρλ Κίσινγκερ εἰς τὸ περιθώριον τῶν ἐκδηλώσεων.

ΤΟ ΙΣΡΑΗΛ ΕΛΠΙΖΕΙ ΝΑ ΣΥΝΔΕΘΗ ΜΕ ΤΗΝ ΚΟΙΝΗΝ ΑΓΟΡΑΝ

ΒΟΝΝΗ, 26.— Ὁ ὑπουργὸς ἐξωτερικῶν τοῦ Ἰσραὴλ κ. Ἄμπα Ἔμπαν ἐδήλωσεν ὅτι ἡ χώρα του ἐλπίζει νὰ συνδεθῇ μὲ τὴν Κοινὴν Ἀγορὰν.

ΗΥΞΗΘΗ Ο ΑΡΙΘΜΟΣ ΤΩΝ ΞΕΝΩΝ ΕΙΣ ΜΕΓ. ΒΡΕΤΑΝΝΙΑΝ

ΛΟΝΔΙΝΟΝ, 26.— Ὁ ἀριθμὸς τῶν ξένων ποὺ εἰσῆλθον εἰς τὴν Μεγάλην Βρεταννίαν κατὰ τὸ 1966 ηὐξήθη κατὰ 442.742 ἔναντι τοῦ 1965.

ΘΡΑΣΕΙΑ ΛΗΣΤΕΙΑ ΓΡΑΦΕΙΟΥ ΕΤΑΙΡΕΙΑΣ ΕΙΣ ΤΟ ΛΟΝΔΙΝΟ

ΛΟΝΔΙΝΟΝ, 26.— Ἄγνωστοι ἐλήστευσαν γραφεῖον ἑταιρείας εἰς τὸ κέντρον τοῦ Λονδίνου ἀφαιρέσαντες σημαντικὸν χρηματικὸν ποσόν.

ΤΑ ΣΥΜΒΟΛΙΑ ΤΩΝ ΝΟΣΗΛΕΥΤΙΚΩΝ ΙΔΡΥΜΑΤΩΝ

ΑΘΗΝΑΙ, 26.— Ὁ ὑπουργὸς κοινωνικῶν ὑπηρεσιῶν ὑπέγραψεν ἀπόφασιν διὰ τὴν ἀνασυγκρότησιν τῶν συμβουλίων τῶν νοσηλευτικῶν ἱδρυμάτων.

ΑΜΕΡΙΚΑΝΟΙ ΚΡΑΤΟΥΝΤΑΙ ΕΙΣ ΥΕΜΕΝΗΝ

ΟΥΑΣΙΓΚΤΩΝ, 26.— Τὸ Στέιτ Ντηπάρτμεντ ἀνεκοίνωσεν ὅτι δύο Ἀμερικανοὶ ὑπάλληλοι κρατοῦνται ὑπὸ τῶν ἀρχῶν τῆς Ὑεμένης.
